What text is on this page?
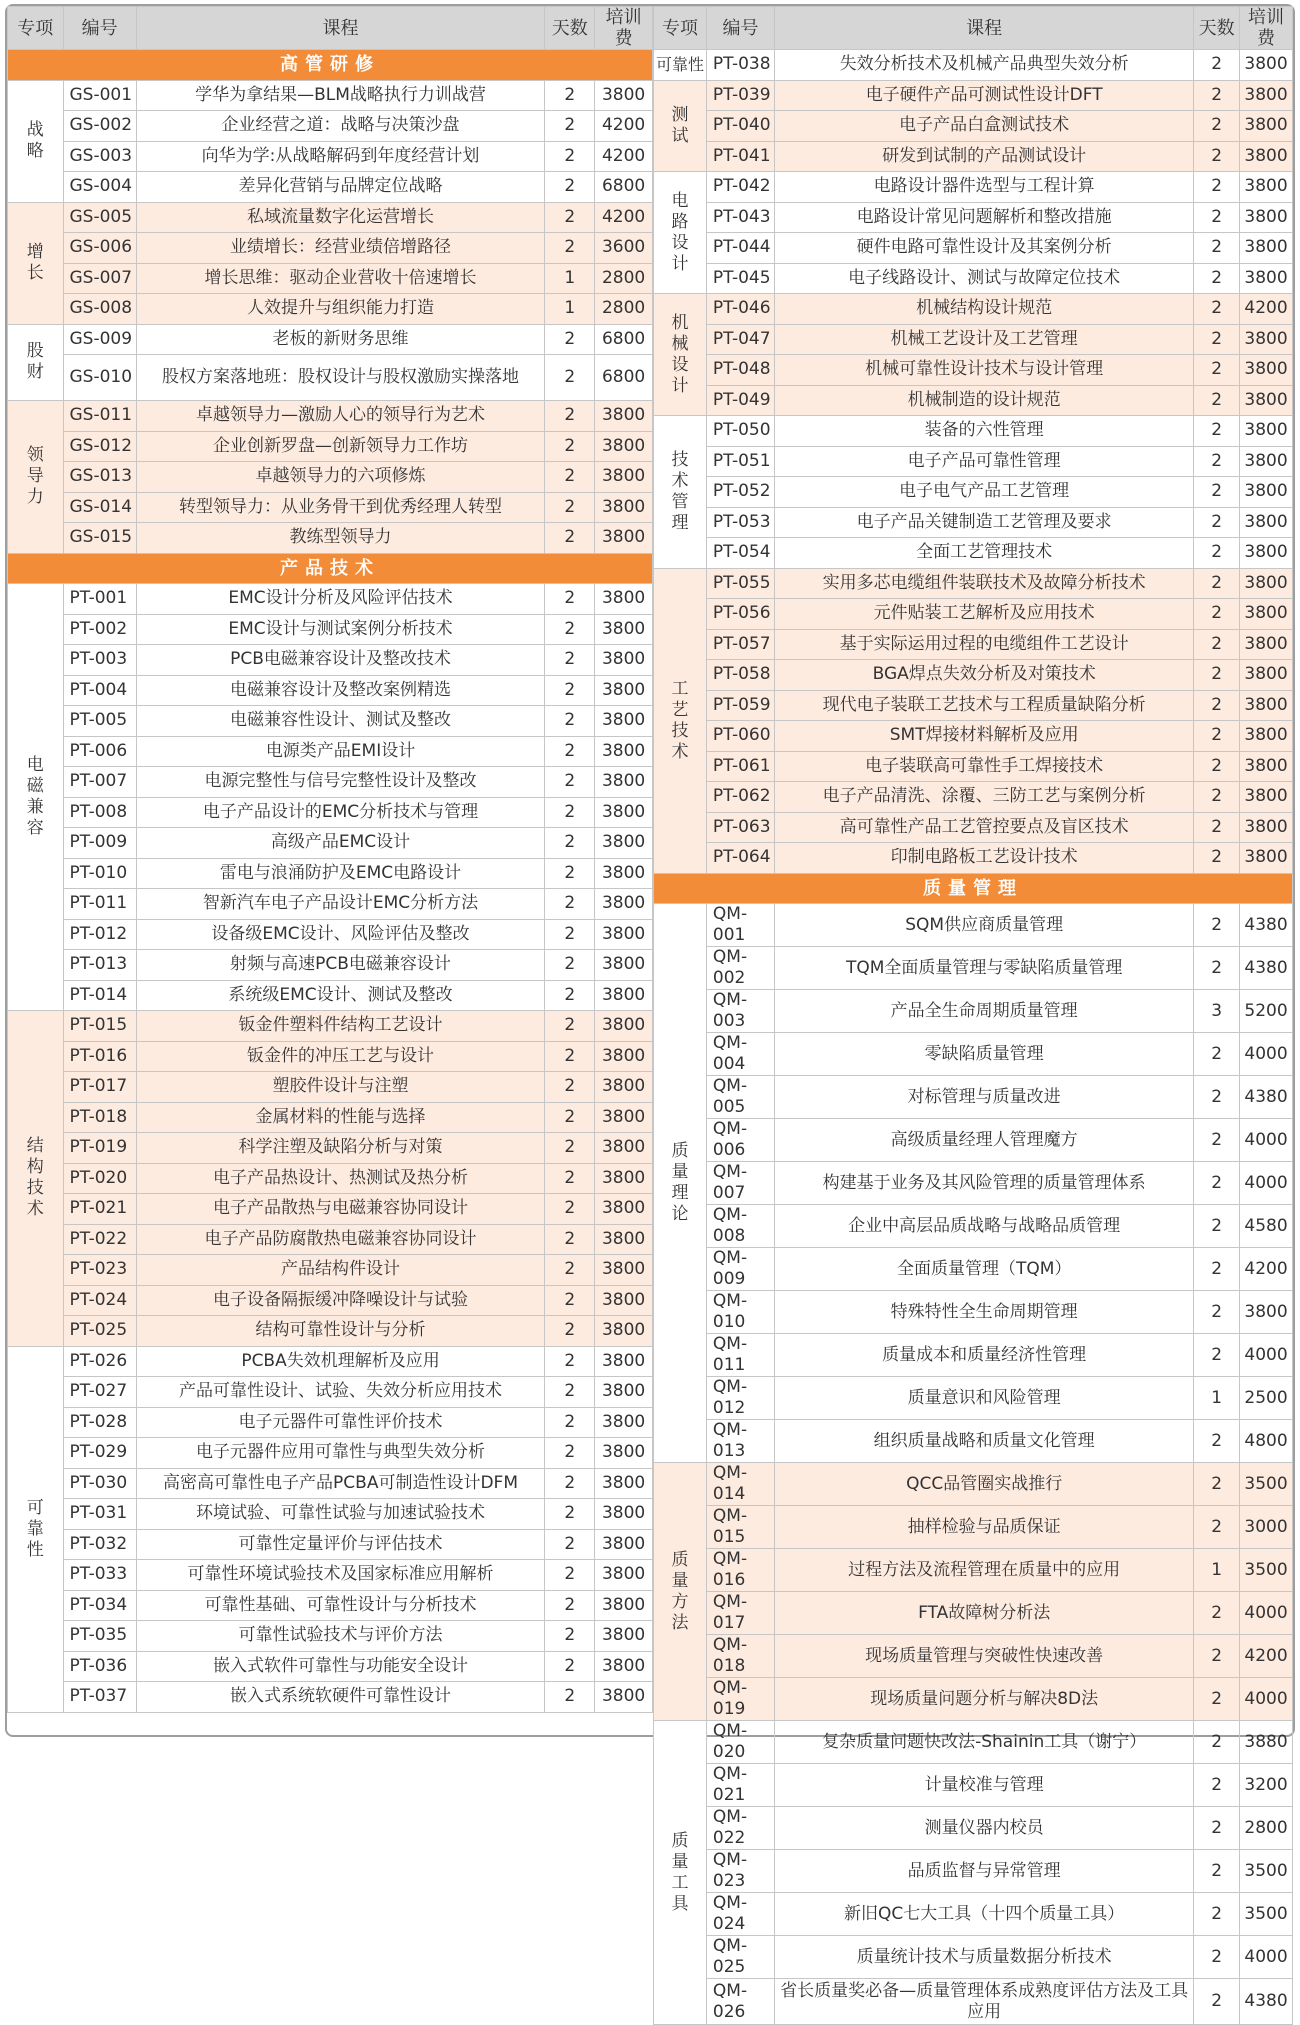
专项	编号	课程	天数	培训费
高管研修				
战略	GS-001	学华为拿结果—BLM战略执行力训战营	2	3800
	GS-002	企业经营之道：战略与决策沙盘	2	4200
	GS-003	向华为学:从战略解码到年度经营计划	2	4200
	GS-004	差异化营销与品牌定位战略	2	6800
增长	GS-005	私域流量数字化运营增长	2	4200
	GS-006	业绩增长：经营业绩倍增路径	2	3600
	GS-007	增长思维：驱动企业营收十倍速增长	1	2800
	GS-008	人效提升与组织能力打造	1	2800
股财	GS-009	老板的新财务思维	2	6800
	GS-010	股权方案落地班：股权设计与股权激励实操落地	2	6800
领导力	GS-011	卓越领导力—激励人心的领导行为艺术	2	3800
	GS-012	企业创新罗盘—创新领导力工作坊	2	3800
	GS-013	卓越领导力的六项修炼	2	3800
	GS-014	转型领导力：从业务骨干到优秀经理人转型	2	3800
	GS-015	教练型领导力	2	3800
产品技术				
电磁兼容	PT-001	EMC设计分析及风险评估技术	2	3800
	PT-002	EMC设计与测试案例分析技术	2	3800
	PT-003	PCB电磁兼容设计及整改技术	2	3800
	PT-004	电磁兼容设计及整改案例精选	2	3800
	PT-005	电磁兼容性设计、测试及整改	2	3800
	PT-006	电源类产品EMI设计	2	3800
	PT-007	电源完整性与信号完整性设计及整改	2	3800
	PT-008	电子产品设计的EMC分析技术与管理	2	3800
	PT-009	高级产品EMC设计	2	3800
	PT-010	雷电与浪涌防护及EMC电路设计	2	3800
	PT-011	智新汽车电子产品设计EMC分析方法	2	3800
	PT-012	设备级EMC设计、风险评估及整改	2	3800
	PT-013	射频与高速PCB电磁兼容设计	2	3800
	PT-014	系统级EMC设计、测试及整改	2	3800
结构技术	PT-015	钣金件塑料件结构工艺设计	2	3800
	PT-016	钣金件的冲压工艺与设计	2	3800
	PT-017	塑胶件设计与注塑	2	3800
	PT-018	金属材料的性能与选择	2	3800
	PT-019	科学注塑及缺陷分析与对策	2	3800
	PT-020	电子产品热设计、热测试及热分析	2	3800
	PT-021	电子产品散热与电磁兼容协同设计	2	3800
	PT-022	电子产品防腐散热电磁兼容协同设计	2	3800
	PT-023	产品结构件设计	2	3800
	PT-024	电子设备隔振缓冲降噪设计与试验	2	3800
	PT-025	结构可靠性设计与分析	2	3800
可靠性	PT-026	PCBA失效机理解析及应用	2	3800
	PT-027	产品可靠性设计、试验、失效分析应用技术	2	3800
	PT-028	电子元器件可靠性评价技术	2	3800
	PT-029	电子元器件应用可靠性与典型失效分析	2	3800
	PT-030	高密高可靠性电子产品PCBA可制造性设计DFM	2	3800
	PT-031	环境试验、可靠性试验与加速试验技术	2	3800
	PT-032	可靠性定量评价与评估技术	2	3800
	PT-033	可靠性环境试验技术及国家标准应用解析	2	3800
	PT-034	可靠性基础、可靠性设计与分析技术	2	3800
	PT-035	可靠性试验技术与评价方法	2	3800
	PT-036	嵌入式软件可靠性与功能安全设计	2	3800
	PT-037	嵌入式系统软硬件可靠性设计	2	3800
专项	编号	课程	天数	培训费
可靠性	PT-038	失效分析技术及机械产品典型失效分析	2	3800
测试	PT-039	电子硬件产品可测试性设计DFT	2	3800
	PT-040	电子产品白盒测试技术	2	3800
	PT-041	研发到试制的产品测试设计	2	3800
电路设计	PT-042	电路设计器件选型与工程计算	2	3800
	PT-043	电路设计常见问题解析和整改措施	2	3800
	PT-044	硬件电路可靠性设计及其案例分析	2	3800
	PT-045	电子线路设计、测试与故障定位技术	2	3800
机械设计	PT-046	机械结构设计规范	2	4200
	PT-047	机械工艺设计及工艺管理	2	3800
	PT-048	机械可靠性设计技术与设计管理	2	3800
	PT-049	机械制造的设计规范	2	3800
技术管理	PT-050	装备的六性管理	2	3800
	PT-051	电子产品可靠性管理	2	3800
	PT-052	电子电气产品工艺管理	2	3800
	PT-053	电子产品关键制造工艺管理及要求	2	3800
	PT-054	全面工艺管理技术	2	3800
工艺技术	PT-055	实用多芯电缆组件装联技术及故障分析技术	2	3800
	PT-056	元件贴装工艺解析及应用技术	2	3800
	PT-057	基于实际运用过程的电缆组件工艺设计	2	3800
	PT-058	BGA焊点失效分析及对策技术	2	3800
	PT-059	现代电子装联工艺技术与工程质量缺陷分析	2	3800
	PT-060	SMT焊接材料解析及应用	2	3800
	PT-061	电子装联高可靠性手工焊接技术	2	3800
	PT-062	电子产品清洗、涂覆、三防工艺与案例分析	2	3800
	PT-063	高可靠性产品工艺管控要点及盲区技术	2	3800
	PT-064	印制电路板工艺设计技术	2	3800
质量管理				
质量理论	QM-001	SQM供应商质量管理	2	4380
	QM-002	TQM全面质量管理与零缺陷质量管理	2	4380
	QM-003	产品全生命周期质量管理	3	5200
	QM-004	零缺陷质量管理	2	4000
	QM-005	对标管理与质量改进	2	4380
	QM-006	高级质量经理人管理魔方	2	4000
	QM-007	构建基于业务及其风险管理的质量管理体系	2	4000
	QM-008	企业中高层品质战略与战略品质管理	2	4580
	QM-009	全面质量管理（TQM）	2	4200
	QM-010	特殊特性全生命周期管理	2	3800
	QM-011	质量成本和质量经济性管理	2	4000
	QM-012	质量意识和风险管理	1	2500
	QM-013	组织质量战略和质量文化管理	2	4800
质量方法	QM-014	QCC品管圈实战推行	2	3500
	QM-015	抽样检验与品质保证	2	3000
	QM-016	过程方法及流程管理在质量中的应用	1	3500
	QM-017	FTA故障树分析法	2	4000
	QM-018	现场质量管理与突破性快速改善	2	4200
	QM-019	现场质量问题分析与解决8D法	2	4000
质量工具	QM-020	复杂质量问题快改法-Shainin工具（谢宁）	2	3880
	QM-021	计量校准与管理	2	3200
	QM-022	测量仪器内校员	2	2800
	QM-023	品质监督与异常管理	2	3500
	QM-024	新旧QC七大工具（十四个质量工具）	2	3500
	QM-025	质量统计技术与质量数据分析技术	2	4000
	QM-026	省长质量奖必备—质量管理体系成熟度评估方法及工具应用	2	4380
